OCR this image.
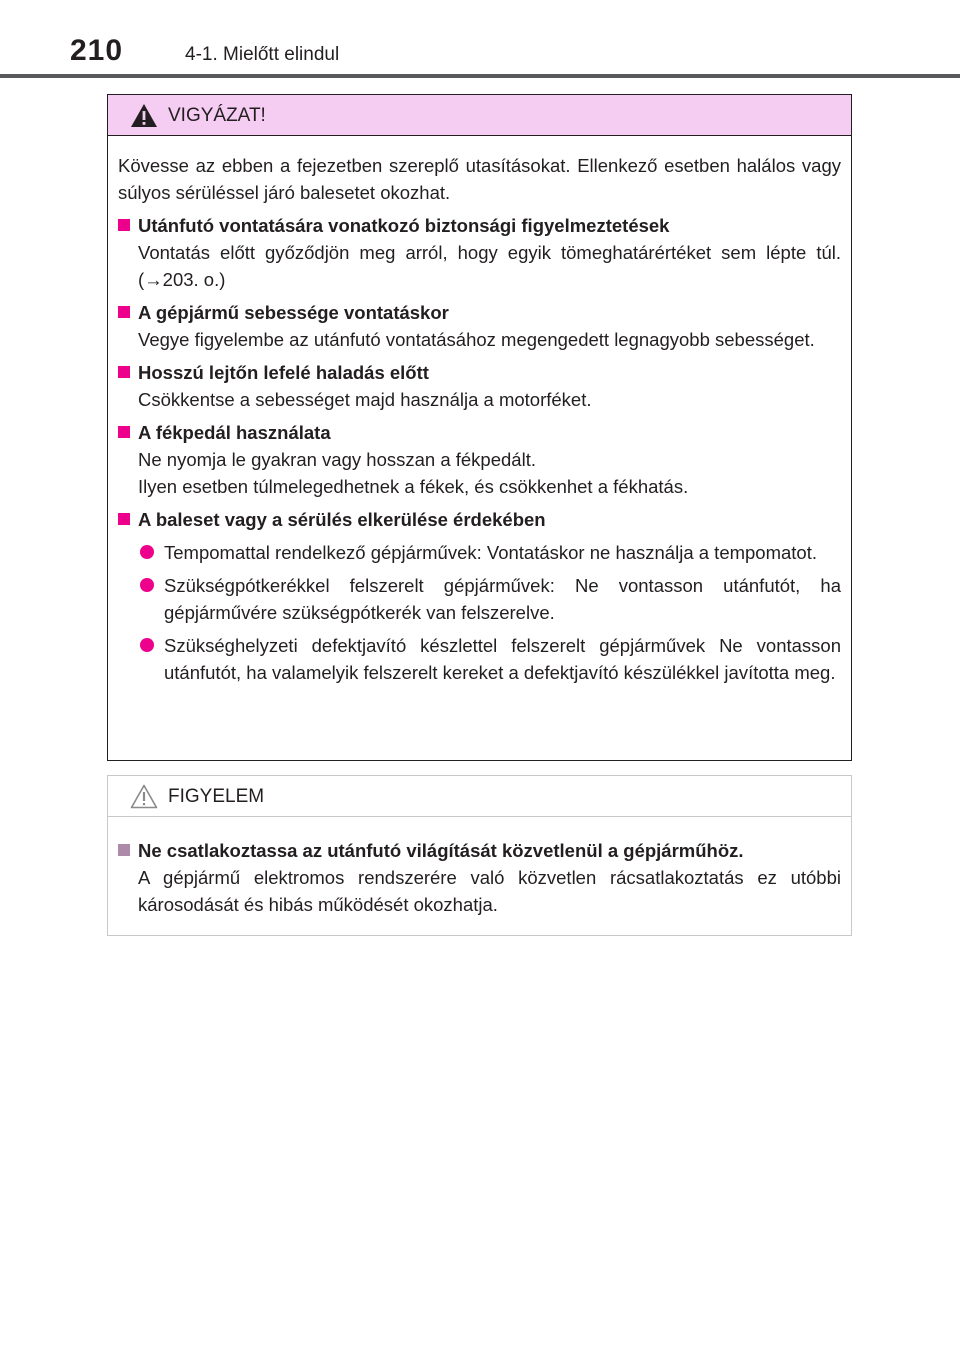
210	4-1. Mielőtt elindul
VIGYÁZAT!

Kövesse az ebben a fejezetben szereplő utasításokat. Ellenkező esetben halálos vagy súlyos sérüléssel járó balesetet okozhat.

Utánfutó vontatására vonatkozó biztonsági figyelmeztetések
Vontatás előtt győződjön meg arról, hogy egyik tömeghatárértéket sem lépte túl. (→203. o.)
A gépjármű sebessége vontatáskor
Vegye figyelembe az utánfutó vontatásához megengedett legnagyobb sebességet.
Hosszú lejtőn lefelé haladás előtt
Csökkentse a sebességet majd használja a motorféket.
A fékpedál használata
Ne nyomja le gyakran vagy hosszan a fékpedált.
Ilyen esetben túlmelegedhetnek a fékek, és csökkenhet a fékhatás.
A baleset vagy a sérülés elkerülése érdekében
Tempomattal rendelkező gépjárművek: Vontatáskor ne használja a tempomatot.
Szükségpótkerékkel felszerelt gépjárművek: Ne vontasson utánfutót, ha gépjárművére szükségpótkerék van felszerelve.
Szükséghelyzeti defektjavító készlettel felszerelt gépjárművek Ne vontasson utánfutót, ha valamelyik felszerelt kereket a defektjavító készülékkel javította meg.
FIGYELEM
Ne csatlakoztassa az utánfutó világítását közvetlenül a gépjárműhöz.
A gépjármű elektromos rendszerére való közvetlen rácsatlakoztatás ez utóbbi károsodását és hibás működését okozhatja.
